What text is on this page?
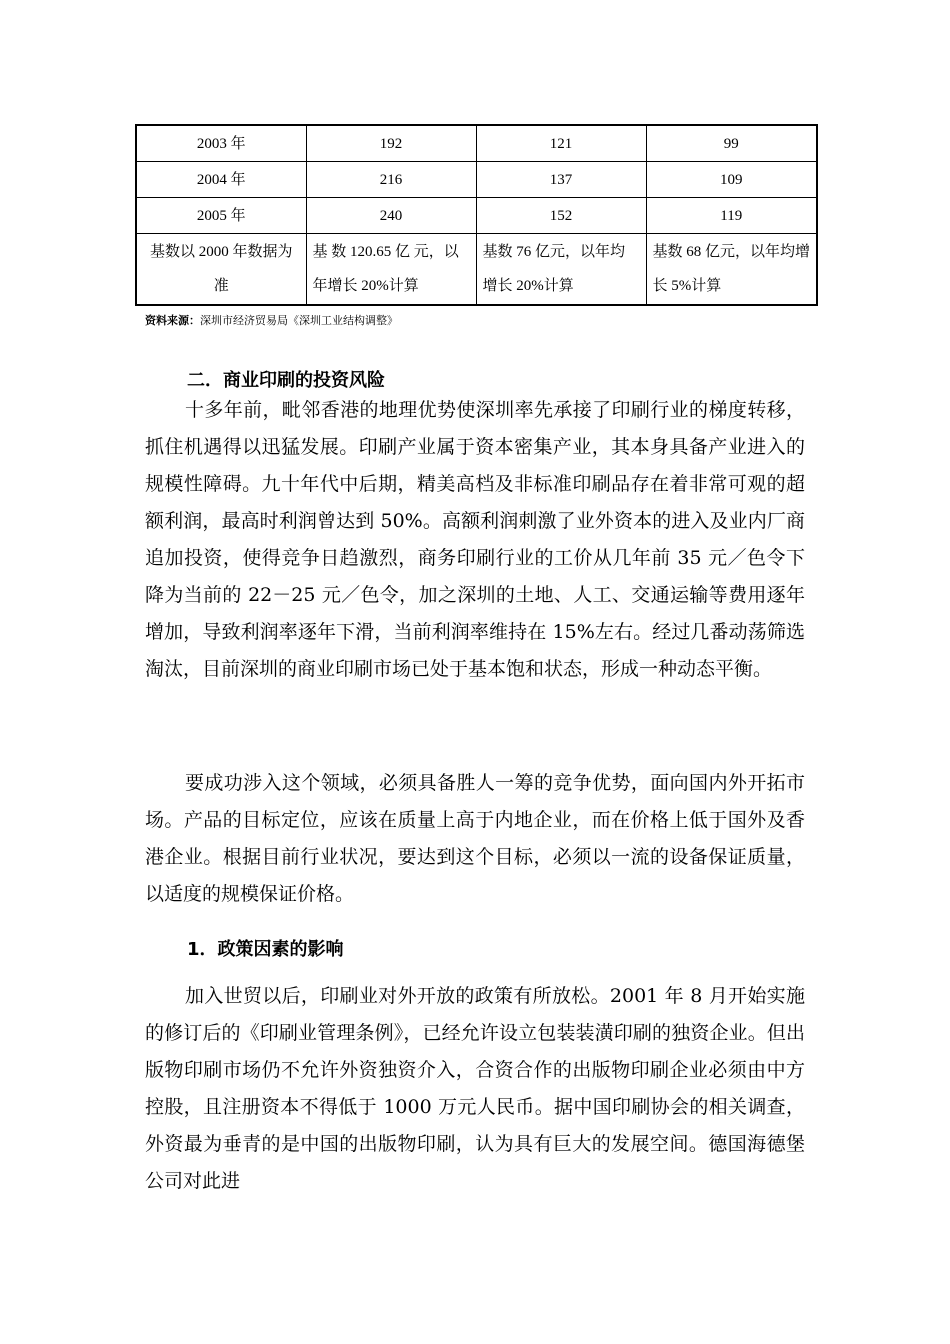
2003 年	192	121	99
2004 年	216	137	109
2005 年	240	152	119
基数以 2000 年数据为准	基 数 120.65 亿 元，以年增长 20%计算	基数 76 亿元，以年均增长 20%计算	基数 68 亿元，以年均增长 5%计算
资料来源：深圳市经济贸易局《深圳工业结构调整》
二．商业印刷的投资风险

十多年前，毗邻香港的地理优势使深圳率先承接了印刷行业的梯度转移，抓住机遇得以迅猛发展。印刷产业属于资本密集产业，其本身具备产业进入的规模性障碍。九十年代中后期，精美高档及非标准印刷品存在着非常可观的超额利润，最高时利润曾达到 50%。高额利润刺激了业外资本的进入及业内厂商追加投资，使得竞争日趋激烈，商务印刷行业的工价从几年前 35 元／色令下降为当前的 22－25 元／色令，加之深圳的土地、人工、交通运输等费用逐年增加，导致利润率逐年下滑，当前利润率维持在 15%左右。经过几番动荡筛选淘汰，目前深圳的商业印刷市场已处于基本饱和状态，形成一种动态平衡。

要成功涉入这个领域，必须具备胜人一筹的竞争优势，面向国内外开拓市场。产品的目标定位，应该在质量上高于内地企业，而在价格上低于国外及香港企业。根据目前行业状况，要达到这个目标，必须以一流的设备保证质量，以适度的规模保证价格。

1．政策因素的影响

加入世贸以后，印刷业对外开放的政策有所放松。2001 年 8 月开始实施的修订后的《印刷业管理条例》，已经允许设立包装装潢印刷的独资企业。但出版物印刷市场仍不允许外资独资介入，合资合作的出版物印刷企业必须由中方控股，且注册资本不得低于 1000 万元人民币。据中国印刷协会的相关调查，外资最为垂青的是中国的出版物印刷，认为具有巨大的发展空间。德国海德堡公司对此进
